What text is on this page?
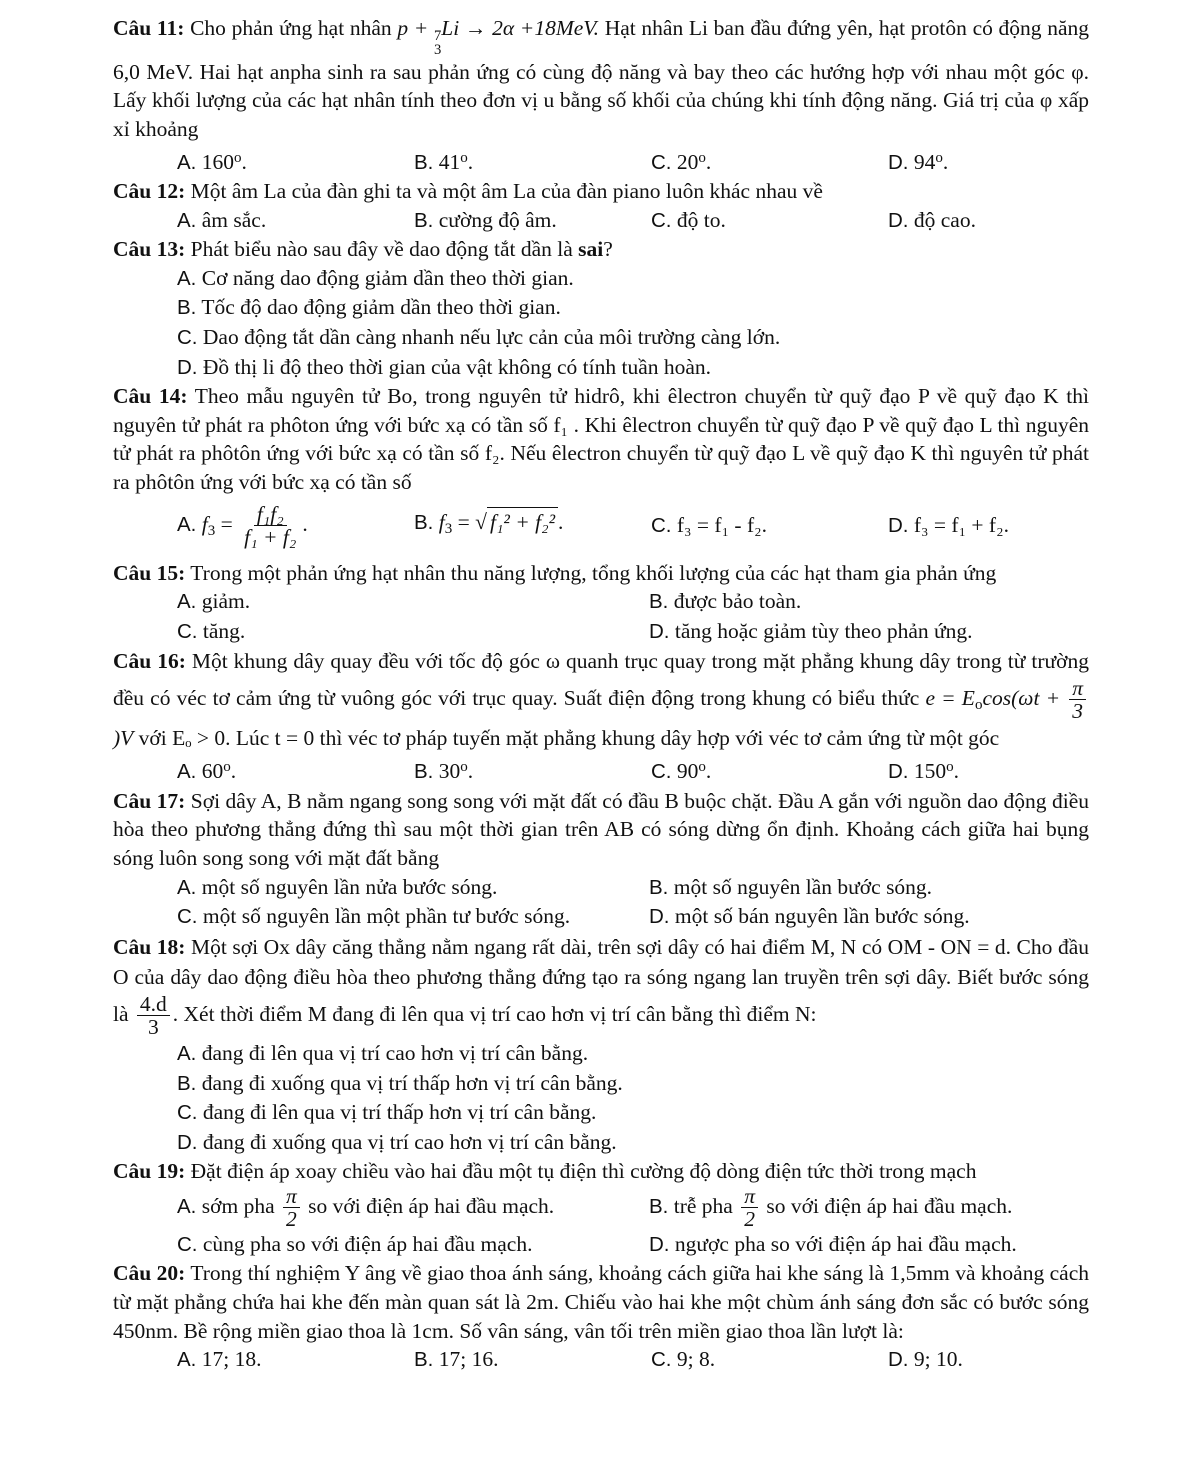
Câu 11: Cho phản ứng hạt nhân p + 7
3
Li → 2α +18MeV. Hạt nhân Li ban đầu đứng yên, hạt protôn có động năng 6,0 MeV. Hai hạt anpha sinh ra sau phản ứng có cùng độ năng và bay theo các hướng hợp với nhau một góc φ. Lấy khối lượng của các hạt nhân tính theo đơn vị u bằng số khối của chúng khi tính động năng. Giá trị của φ xấp xỉ khoảng

A. 160$^o$.	B. 41$^o$.	C. 20$^o$.	D. 94$^o$.

Câu 12: Một âm La của đàn ghi ta và một âm La của đàn piano luôn khác nhau về

A. âm sắc.	B. cường độ âm.	C. độ to.	D. độ cao.

Câu 13: Phát biểu nào sau đây về dao động tắt dần là sai?

A. Cơ năng dao động giảm dần theo thời gian.
B. Tốc độ dao động giảm dần theo thời gian.
C. Dao động tắt dần càng nhanh nếu lực cản của môi trường càng lớn.
D. Đồ thị li độ theo thời gian của vật không có tính tuần hoàn.

Câu 14: Theo mẫu nguyên tử Bo, trong nguyên tử hidrô, khi êlectron chuyển từ quỹ đạo P về quỹ đạo K thì nguyên tử phát ra phôton ứng với bức xạ có tần số f₁ . Khi êlectron chuyển từ quỹ đạo P về quỹ đạo L thì nguyên tử phát ra phôtôn ứng với bức xạ có tần số f₂. Nếu êlectron chuyển từ quỹ đạo L về quỹ đạo K thì nguyên tử phát ra phôtôn ứng với bức xạ có tần số

A. $f_3 = \frac{\text{f₁f₂}}{\text{f₁ + f₂}}$ .	B. $f_3$ = √ f₁² + f₂² .	C. f₃ = f₁ - f₂.	D. f₃ = f₁ + f₂.

Câu 15: Trong một phản ứng hạt nhân thu năng lượng, tổng khối lượng của các hạt tham gia phản ứng

A. giảm.	B. được bảo toàn.
C. tăng.	D. tăng hoặc giảm tùy theo phản ứng.

Câu 16: Một khung dây quay đều với tốc độ góc ω quanh trục quay trong mặt phẳng khung dây trong từ trường đều có véc tơ cảm ứng từ vuông góc với trục quay. Suất điện động trong khung có biểu thức $e = E_o\cos(\omega t + \frac{\pi}{3}$
)V với Eₒ > 0. Lúc t = 0 thì véc tơ pháp tuyến mặt phẳng khung dây hợp với véc tơ cảm ứng từ một góc

A. 60$^o$.	B. 30$^o$.	C. 90$^o$.	D. 150$^o$.

Câu 17: Sợi dây A, B nằm ngang song song với mặt đất có đầu B buộc chặt. Đầu A gắn với nguồn dao động điều hòa theo phương thẳng đứng thì sau một thời gian trên AB có sóng dừng ổn định. Khoảng cách giữa hai bụng sóng luôn song song với mặt đất bằng

A. một số nguyên lần nửa bước sóng.	B. một số nguyên lần bước sóng.
C. một số nguyên lần một phần tư bước sóng.	D. một số bán nguyên lần bước sóng.

Câu 18: Một sợi Ox dây căng thẳng nằm ngang rất dài, trên sợi dây có hai điểm M, N có OM - ON = d. Cho đầu O của dây dao động điều hòa theo phương thẳng đứng tạo ra sóng ngang lan truyền trên sợi dây. Biết bước sóng là $\frac{4.d}{3}$ . Xét thời điểm M đang đi lên qua vị trí cao hơn vị trí cân bằng thì điểm N:

A. đang đi lên qua vị trí cao hơn vị trí cân bằng.
B. đang đi xuống qua vị trí thấp hơn vị trí cân bằng.
C. đang đi lên qua vị trí thấp hơn vị trí cân bằng.
D. đang đi xuống qua vị trí cao hơn vị trí cân bằng.

Câu 19: Đặt điện áp xoay chiều vào hai đầu một tụ điện thì cường độ dòng điện tức thời trong mạch

A. sớm pha $\frac{\pi}{2}$ so với điện áp hai đầu mạch.	B. trễ pha $\frac{\pi}{2}$ so với điện áp hai đầu mạch.
C. cùng pha so với điện áp hai đầu mạch.	D. ngược pha so với điện áp hai đầu mạch.

Câu 20: Trong thí nghiệm Y âng về giao thoa ánh sáng, khoảng cách giữa hai khe sáng là 1,5mm và khoảng cách từ mặt phẳng chứa hai khe đến màn quan sát là 2m. Chiếu vào hai khe một chùm ánh sáng đơn sắc có bước sóng 450nm. Bề rộng miền giao thoa là 1cm. Số vân sáng, vân tối trên miền giao thoa lần lượt là:

A. 17; 18.	B. 17; 16.	C. 9; 8.	D. 9; 10.
